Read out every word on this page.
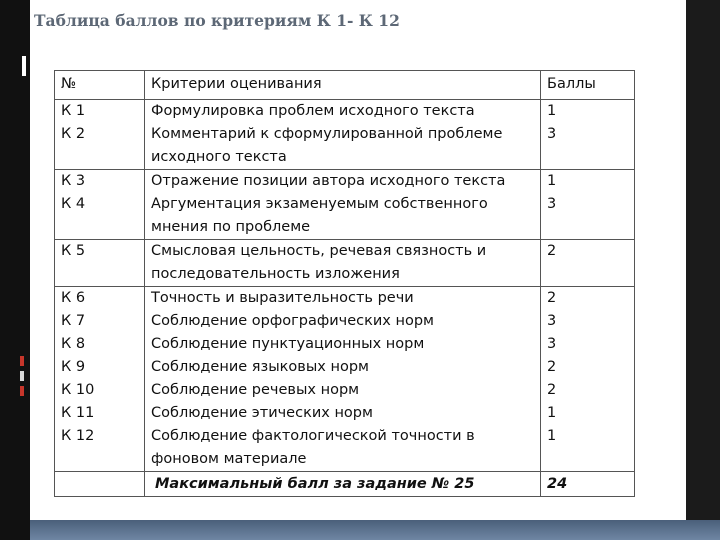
Таблица баллов по критериям К 1- К 12
№	Критерии оценивания	Баллы
К 1	Формулировка проблем исходного текста	1
К 2	Комментарий к сформулированной проблеме исходного текста	3
К 3	Отражение позиции автора исходного текста	1
К 4	Аргументация экзаменуемым собственного мнения по проблеме	3
К 5	Смысловая цельность, речевая связность и последовательность изложения	2
К 6	Точность и выразительность речи	2
К 7	Соблюдение орфографических норм	3
К 8	Соблюдение пунктуационных норм	3
К 9	Соблюдение языковых норм	2
К 10	Соблюдение речевых норм	2
К 11	Соблюдение этических норм	1
К 12	Соблюдение фактологической точности в фоновом материале	1
	Максимальный балл за задание № 25	24
